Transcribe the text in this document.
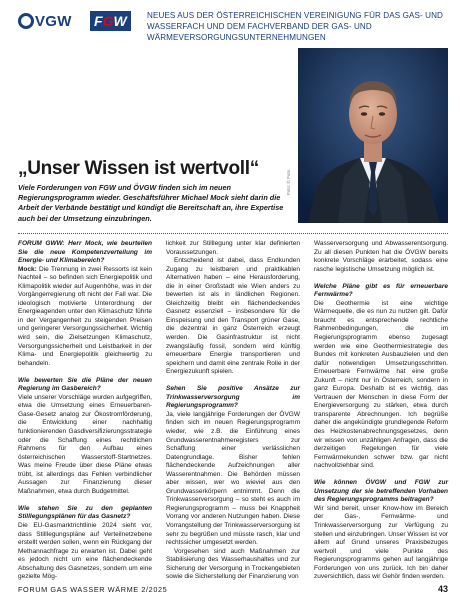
VGW F G W	NEUES AUS DER ÖSTERREICHISCHEN VEREINIGUNG FÜR DAS GAS- UND WASSERFACH UND DEM FACHVERBAND DER GAS- UND WÄRMEVERSORGUNGSUNTERNEHMUNGEN
Foto: © Foto
„Unser Wissen ist wertvoll“
Viele Forderungen von FGW und ÖVGW finden sich im neuen Regierungsprogramm wieder. Geschäftsführer Michael Mock sieht darin die Arbeit der Verbände bestätigt und kündigt die Bereitschaft an, ihre Expertise auch bei der Umsetzung einzubringen.
FORUM GWW: Herr Mock, wie beurteilen Sie die neue Kompetenzverteilung im Energie- und Klimabereich?
Mock: Die Trennung in zwei Ressorts ist kein Nachteil – so befinden sich Energiepolitik und Klimapolitik wieder auf Augenhöhe, was in der Vorgängerregierung oft nicht der Fall war. Die ideologisch motivierte Unterordnung der Energieagenden unter den Klimaschutz führte in der Vergangenheit zu steigenden Preisen und geringerer Versorgungssicherheit. Wichtig wird sein, die Zielsetzungen Klimaschutz, Versorgungssicherheit und Leistbarkeit in der Klima- und Energiepolitik gleichwertig zu behandeln.
Wie bewerten Sie die Pläne der neuen Regierung im Gasbereich?
Viele unserer Vorschläge wurden aufgegriffen, etwa die Umsetzung eines Erneuerbaren-Gase-Gesetz analog zur Ökostromförderung, die Entwicklung einer nachhaltig funktionierenden Gasdiversifizierungsstrategie oder die Schaffung eines rechtlichen Rahmens für den Aufbau eines österreichischen Wasserstoff-Startnetzes. Was meine Freude über diese Pläne etwas trübt, ist allerdings das Fehlen verbindlicher Aussagen zur Finanzierung dieser Maßnahmen, etwa durch Budgetmittel.
Wie stehen Sie zu den geplanten Stilllegungsplänen für das Gasnetz?
Die EU-Gasmarktrichtlinie 2024 sieht vor, dass Stilllegungspläne auf Verteilnetzebene erstellt werden sollen, wenn ein Rückgang der Methannachfrage zu erwarten ist. Dabei geht es jedoch nicht um eine flächendeckende Abschaltung des Gasnetzes, sondern um eine gezielte Mög-
lichkeit zur Stilllegung unter klar definierten Voraussetzungen.
Entscheidend ist dabei, dass Endkunden Zugang zu leistbaren und praktikablen Alternativen haben – eine Herausforderung, die in einer Großstadt wie Wien anders zu bewerten ist als in ländlichen Regionen. Gleichzeitig bleibt ein flächendeckendes Gasnetz essenziell – insbesondere für die Einspeisung und den Transport grüner Gase, die dezentral in ganz Österreich erzeugt werden. Die Gasinfrastruktur ist nicht zwangsläufig fossil, sondern wird künftig erneuerbare Energie transportieren und speichern und damit eine zentrale Rolle in der Energiezukunft spielen.
Sehen Sie positive Ansätze zur Trinkwasserversorgung im Regierungsprogramm?
Ja, viele langjährige Forderungen der ÖVGW finden sich im neuen Regierungsprogramm wieder, wie z.B. die Einführung eines Grundwasserentnahmeregisters zur Schaffung einer verlässlichen Datengrundlage. Bisher fehlen flächendeckende Aufzeichnungen aller Wasserentnahmen. Die Behörden müssen aber wissen, wer wo wieviel aus den Grundwasserkörpern entnimmt. Denn die Trinkwasserversorgung – so steht es auch im Regierungsprogramm – muss bei Knappheit Vorrang vor anderen Nutzungen haben. Diese Vorrangstellung der Trinkwasserversorgung ist sehr zu begrüßen und müsste rasch, klar und rechtssicher umgesetzt werden.
Vorgesehen sind auch Maßnahmen zur Stabilisierung des Wasserhaushaltes und zur Sicherung der Versorgung in Trockengebieten sowie die Sicherstellung der Finanzierung von
Wasserversorgung und Abwasserentsorgung. Zu all diesen Punkten hat die ÖVGW bereits konkrete Vorschläge erarbeitet, sodass eine rasche legistische Umsetzung möglich ist.
Welche Pläne gibt es für erneuerbare Fernwärme?
Die Geothermie ist eine wichtige Wärmequelle, die es nun zu nutzen gilt. Dafür braucht es entsprechende rechtliche Rahmenbedingungen, die im Regierungsprogramm ebenso zugesagt werden wie eine Geothermiestrategie des Bundes mit konkreten Ausbauzielen und den dafür notwendigen Umsetzungsschritten. Erneuerbare Fernwärme hat eine große Zukunft – nicht nur in Österreich, sondern in ganz Europa. Deshalb ist es wichtig, das Vertrauen der Menschen in diese Form der Energieversorgung zu stärken, etwa durch transparente Abrechnungen. Ich begrüße daher die angekündigte grundlegende Reform des Heizkostenabrechnungsgesetzes, denn wir wissen von unzähligen Anfragen, dass die derzeitigen Regelungen für viele Fernwärmekunden schwer bzw. gar nicht nachvollziehbar sind.
Wie können ÖVGW und FGW zur Umsetzung der sie betreffenden Vorhaben des Regierungsprogramms beitragen?
Wir sind bereit, unser Know-how im Bereich der Gas-, Fernwärme- und Trinkwasserversorgung zur Verfügung zu stellen und einzubringen. Unser Wissen ist vor allem auf Grund unseres Praxisbezuges wertvoll und viele Punkte des Regierungsprogramms gehen auf langjährige Forderungen von uns zurück. Ich bin daher zuversichtlich, dass wir Gehör finden werden.
FORUM GAS WASSER WÄRME 2/2025	43
